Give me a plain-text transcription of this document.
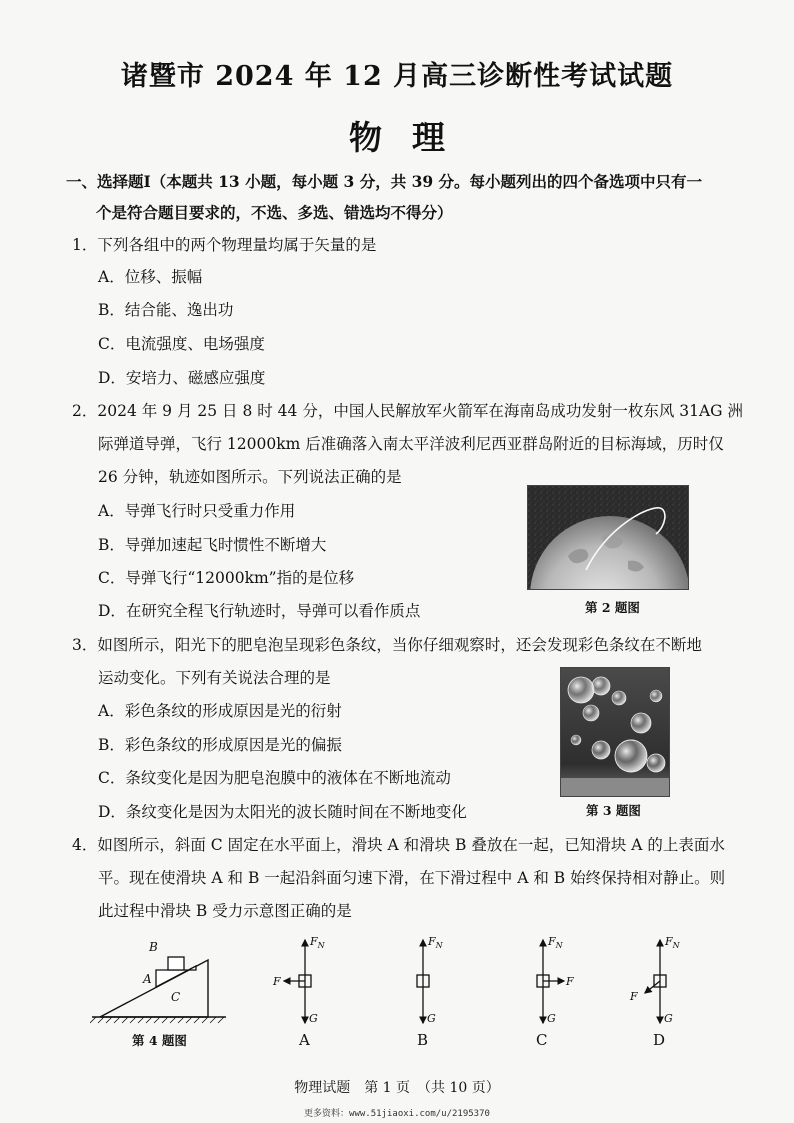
诸暨市 2024 年 12 月高三诊断性考试试题
物理
一、选择题Ⅰ（本题共 13 小题，每小题 3 分，共 39 分。每小题列出的四个备选项中只有一
个是符合题目要求的，不选、多选、错选均不得分）
1．下列各组中的两个物理量均属于矢量的是
A．位移、振幅
B．结合能、逸出功
C．电流强度、电场强度
D．安培力、磁感应强度
2．2024 年 9 月 25 日 8 时 44 分，中国人民解放军火箭军在海南岛成功发射一枚东风 31AG 洲
际弹道导弹，飞行 12000km 后准确落入南太平洋波利尼西亚群岛附近的目标海域，历时仅
26 分钟，轨迹如图所示。下列说法正确的是
A．导弹飞行时只受重力作用
B．导弹加速起飞时惯性不断增大
C．导弹飞行“12000km”指的是位移
D．在研究全程飞行轨迹时，导弹可以看作质点	第 2 题图
3．如图所示，阳光下的肥皂泡呈现彩色条纹，当你仔细观察时，还会发现彩色条纹在不断地
运动变化。下列有关说法合理的是
A．彩色条纹的形成原因是光的衍射
B．彩色条纹的形成原因是光的偏振
C．条纹变化是因为肥皂泡膜中的液体在不断地流动
D．条纹变化是因为太阳光的波长随时间在不断地变化	第 3 题图
4．如图所示，斜面 C 固定在水平面上，滑块 A 和滑块 B 叠放在一起，已知滑块 A 的上表面水
平。现在使滑块 A 和 B 一起沿斜面匀速下滑，在下滑过程中 A 和 B 始终保持相对静止。则
此过程中滑块 B 受力示意图正确的是
B
A
C
第 4 题图
$F_N$
F
G
A
$F_N$
G
B
$F_N$
F
G
C
$F_N$
F
G
D
物理试题　第 1 页　（共 10 页）
更多资料：www.51jiaoxi.com/u/2195370
